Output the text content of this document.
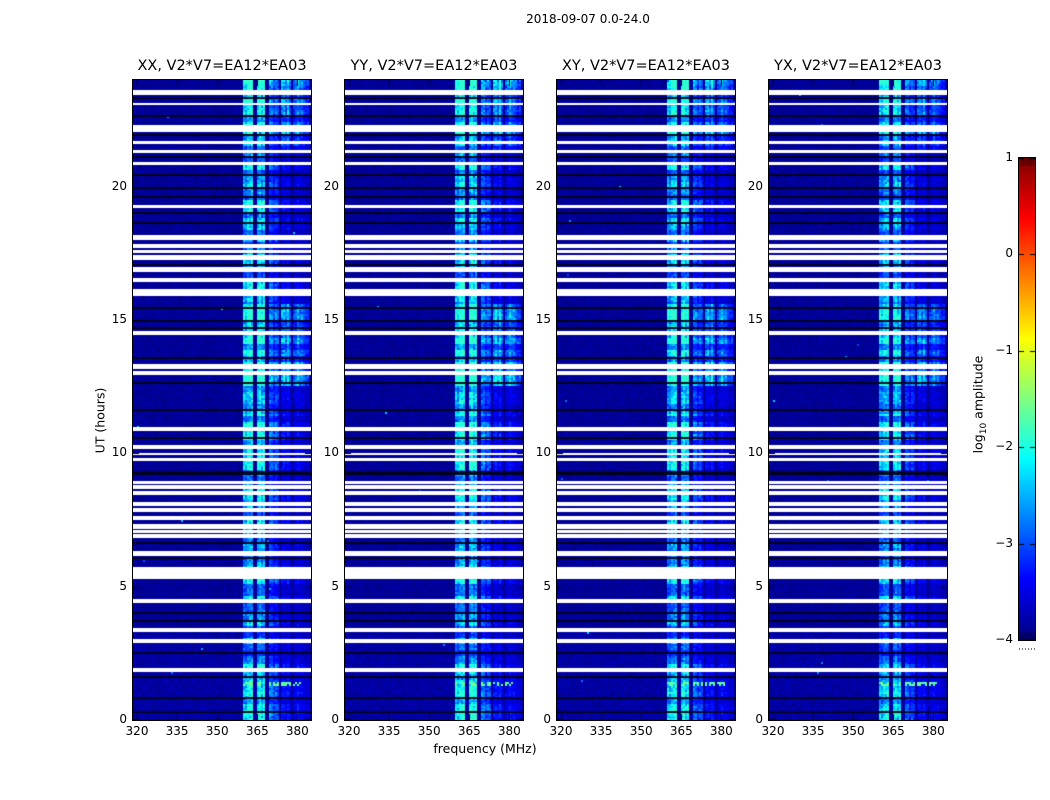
2018-09-07 0.0-24.0
XX, V2*V7=EA12*EA03	YY, V2*V7=EA12*EA03	XY, V2*V7=EA12*EA03	YX, V2*V7=EA12*EA03
UT (hours)
frequency (MHz)
$\log_{10}$ amplitude
0
5
10
15
20
320	335	350	365	380
0
5
10
15
20
320	335	350	365	380
0
5
10
15
20
320	335	350	365	380
0
5
10
15
20
320	335	350	365	380
1
0
−1
−2
−3
−4
